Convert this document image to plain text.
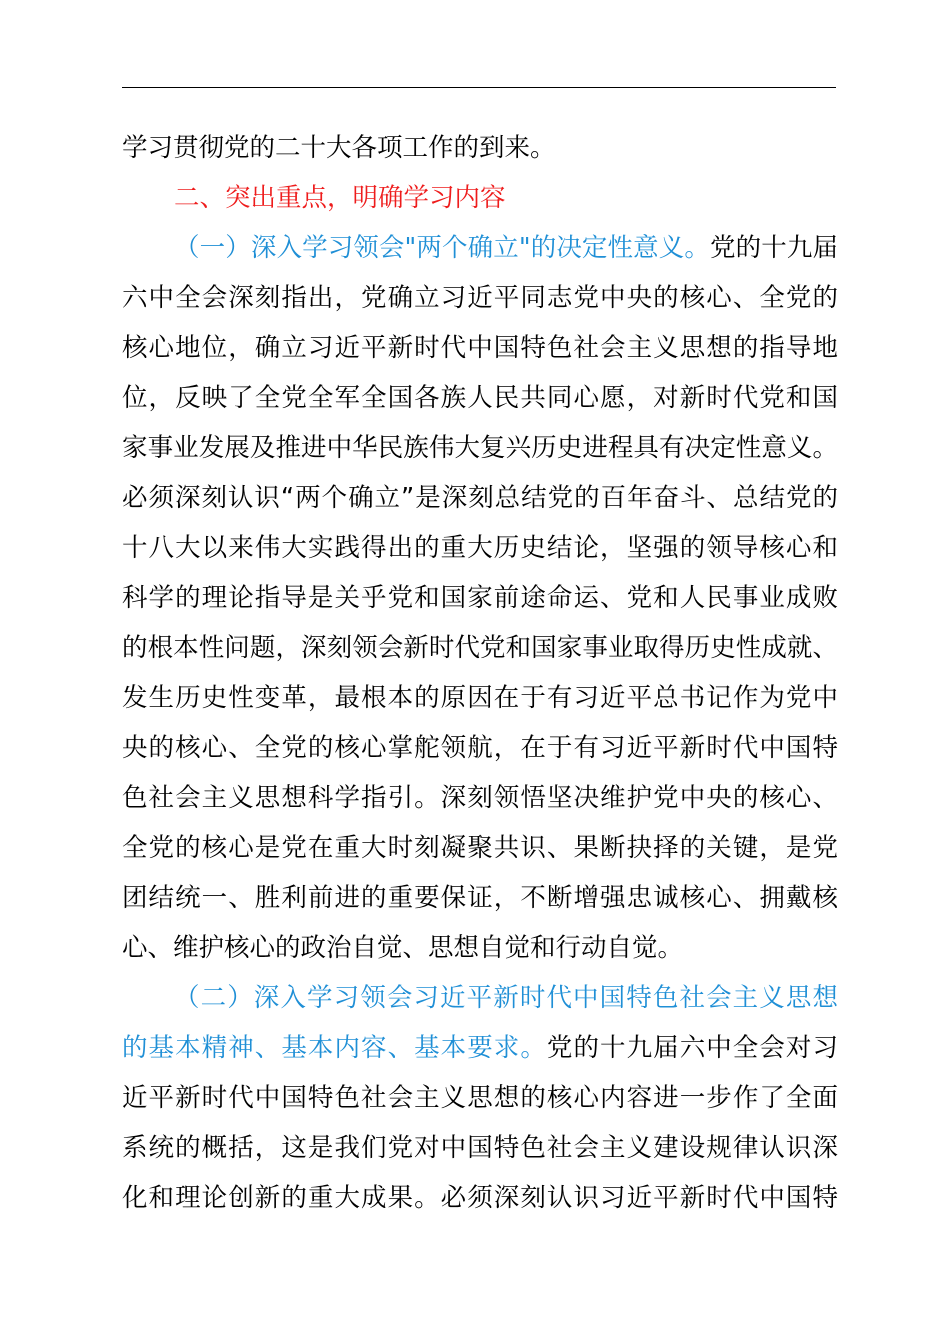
学习贯彻党的二十大各项工作的到来。
二、突出重点，明确学习内容
（一）深入学习领会"两个确立"的决定性意义。党的十九届
六中全会深刻指出，党确立习近平同志党中央的核心、全党的
核心地位，确立习近平新时代中国特色社会主义思想的指导地
位，反映了全党全军全国各族人民共同心愿，对新时代党和国
家事业发展及推进中华民族伟大复兴历史进程具有决定性意义。
必须深刻认识“两个确立”是深刻总结党的百年奋斗、总结党的
十八大以来伟大实践得出的重大历史结论，坚强的领导核心和
科学的理论指导是关乎党和国家前途命运、党和人民事业成败
的根本性问题，深刻领会新时代党和国家事业取得历史性成就、
发生历史性变革，最根本的原因在于有习近平总书记作为党中
央的核心、全党的核心掌舵领航，在于有习近平新时代中国特
色社会主义思想科学指引。深刻领悟坚决维护党中央的核心、
全党的核心是党在重大时刻凝聚共识、果断抉择的关键，是党
团结统一、胜利前进的重要保证，不断增强忠诚核心、拥戴核
心、维护核心的政治自觉、思想自觉和行动自觉。
（二）深入学习领会习近平新时代中国特色社会主义思想
的基本精神、基本内容、基本要求。党的十九届六中全会对习
近平新时代中国特色社会主义思想的核心内容进一步作了全面
系统的概括，这是我们党对中国特色社会主义建设规律认识深
化和理论创新的重大成果。必须深刻认识习近平新时代中国特
